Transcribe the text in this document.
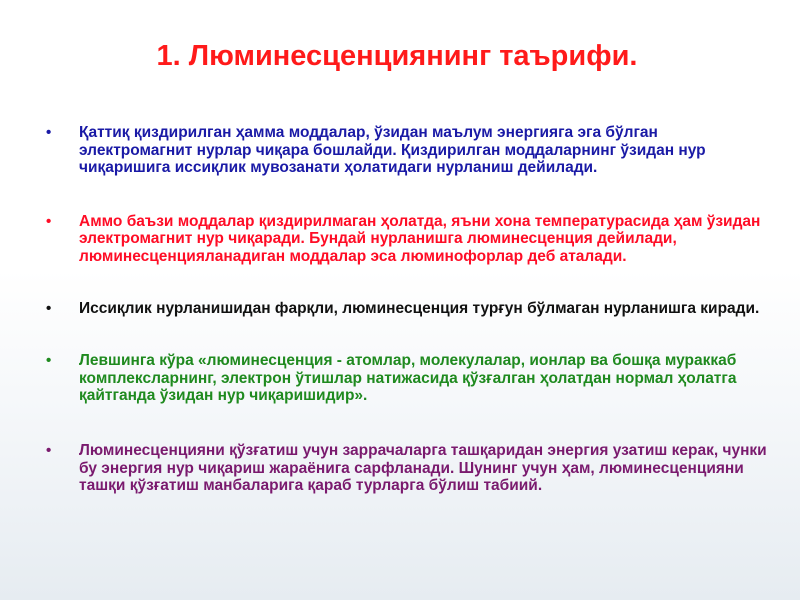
1. Люминесценциянинг таърифи.
• Қаттиқ қиздирилган ҳамма моддалар, ўзидан маълум энергияга эга бўлган электромагнит нурлар чиқара бошлайди. Қиздирилган моддаларнинг ўзидан нур чиқаришига иссиқлик мувозанати ҳолатидаги нурланиш дейилади.
• Аммо баъзи моддалар қиздирилмаган ҳолатда, яъни хона температурасида ҳам ўзидан электромагнит нур чиқаради. Бундай нурланишга люминесценция дейилади, люминесценцияланадиган моддалар эса люминофорлар деб аталади.
• Иссиқлик нурланишидан фарқли, люминесценция турғун бўлмаган нурланишга киради.
• Левшинга кўра «люминесценция - атомлар, молекулалар, ионлар ва бошқа мураккаб комплексларнинг, электрон ўтишлар натижасида қўзғалган ҳолатдан нормал ҳолатга қайтганда ўзидан нур чиқаришидир».
• Люминесценцияни қўзғатиш учун заррачаларга ташқаридан энергия узатиш керак, чунки бу энергия нур чиқариш жараёнига сарфланади. Шунинг учун ҳам, люминесценцияни ташқи қўзғатиш манбаларига қараб турларга бўлиш табиий.
